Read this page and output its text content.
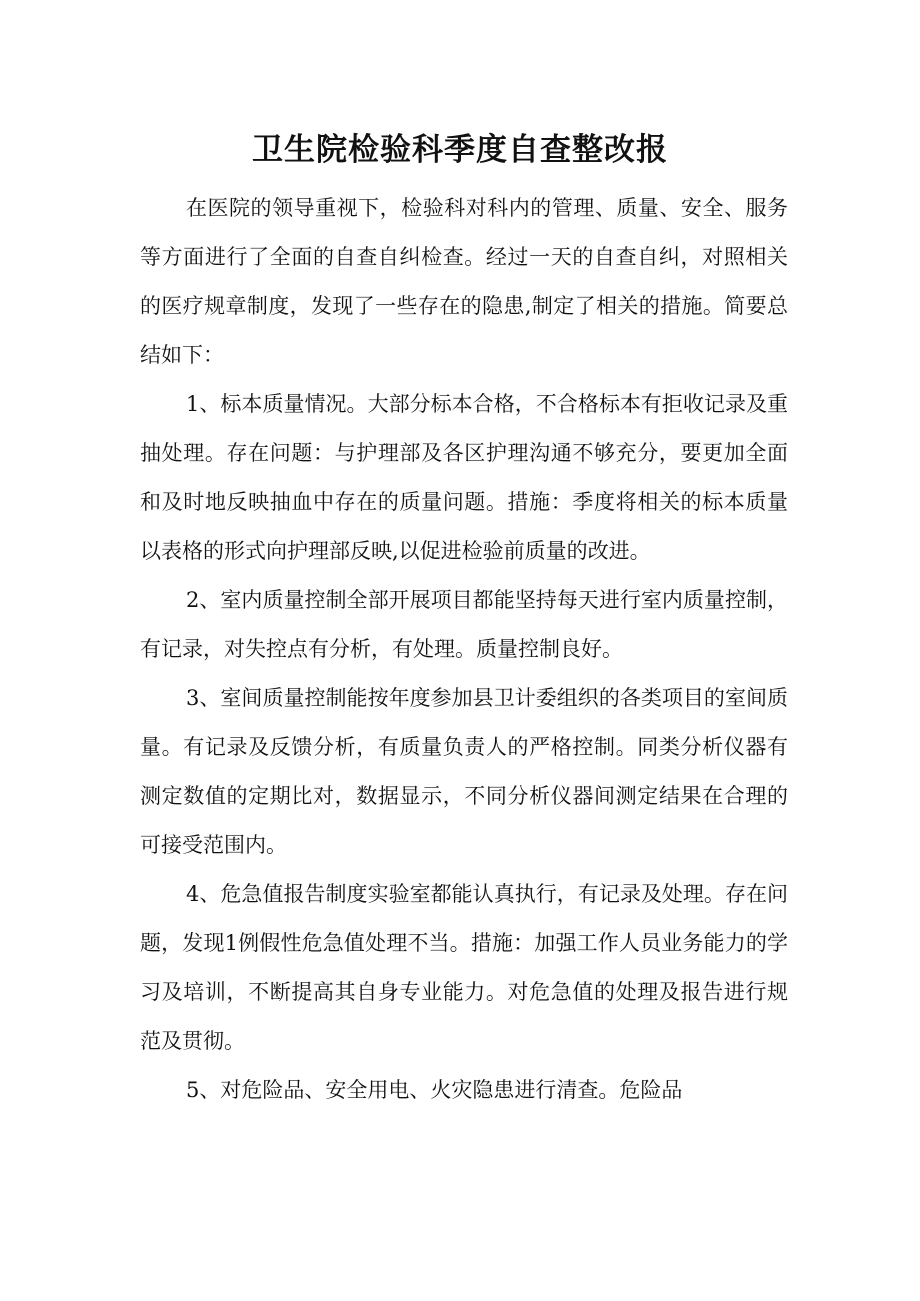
卫生院检验科季度自查整改报

在医院的领导重视下，检验科对科内的管理、质量、安全、服务等方面进行了全面的自查自纠检查。经过一天的自查自纠，对照相关的医疗规章制度，发现了一些存在的隐患,制定了相关的措施。简要总结如下：

1、标本质量情况。大部分标本合格，不合格标本有拒收记录及重抽处理。存在问题：与护理部及各区护理沟通不够充分，要更加全面和及时地反映抽血中存在的质量问题。措施：季度将相关的标本质量以表格的形式向护理部反映,以促进检验前质量的改进。

2、室内质量控制全部开展项目都能坚持每天进行室内质量控制，有记录，对失控点有分析，有处理。质量控制良好。

3、室间质量控制能按年度参加县卫计委组织的各类项目的室间质量。有记录及反馈分析，有质量负责人的严格控制。同类分析仪器有测定数值的定期比对，数据显示，不同分析仪器间测定结果在合理的可接受范围内。

4、危急值报告制度实验室都能认真执行，有记录及处理。存在问题，发现1例假性危急值处理不当。措施：加强工作人员业务能力的学习及培训，不断提高其自身专业能力。对危急值的处理及报告进行规范及贯彻。

5、对危险品、安全用电、火灾隐患进行清查。危险品
